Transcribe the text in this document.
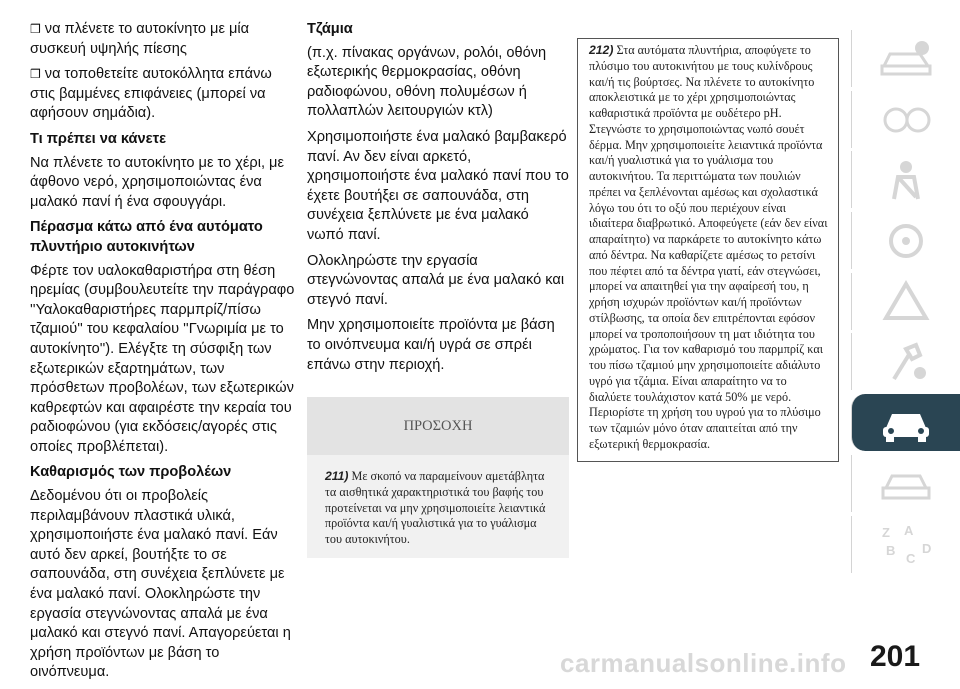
❒ να πλένετε το αυτοκίνητο με μία συσκευή υψηλής πίεσης

❒ να τοποθετείτε αυτοκόλλητα επάνω στις βαμμένες επιφάνειες (μπορεί να αφήσουν σημάδια).

Τι πρέπει να κάνετε

Να πλένετε το αυτοκίνητο με το χέρι, με άφθονο νερό, χρησιμοποιώντας ένα μαλακό πανί ή ένα σφουγγάρι.

Πέρασμα κάτω από ένα αυτόματο πλυντήριο αυτοκινήτων

Φέρτε τον υαλοκαθαριστήρα στη θέση ηρεμίας (συμβουλευτείτε την παράγραφο ''Υαλοκαθαριστήρες παρμπρίζ/πίσω τζαμιού'' του κεφαλαίου ''Γνωριμία με το αυτοκίνητο''). Ελέγξτε τη σύσφιξη των εξωτερικών εξαρτημάτων, των πρόσθετων προβολέων, των εξωτερικών καθρεφτών και αφαιρέστε την κεραία του ραδιοφώνου (για εκδόσεις/αγορές στις οποίες προβλέπεται).

Καθαρισμός των προβολέων

Δεδομένου ότι οι προβολείς περιλαμβάνουν πλαστικά υλικά, χρησιμοποιήστε ένα μαλακό πανί. Εάν αυτό δεν αρκεί, βουτήξτε το σε σαπουνάδα, στη συνέχεια ξεπλύνετε με ένα μαλακό πανί. Ολοκληρώστε την εργασία στεγνώνοντας απαλά με ένα μαλακό και στεγνό πανί. Απαγορεύεται η χρήση προϊόντων με βάση το οινόπνευμα.

Τζάμια

(π.χ. πίνακας οργάνων, ρολόι, οθόνη εξωτερικής θερμοκρασίας, οθόνη ραδιοφώνου, οθόνη πολυμέσων ή πολλαπλών λειτουργιών κτλ)

Χρησιμοποιήστε ένα μαλακό βαμβακερό πανί. Αν δεν είναι αρκετό, χρησιμοποιήστε ένα μαλακό πανί που το έχετε βουτήξει σε σαπουνάδα, στη συνέχεια ξεπλύνετε με ένα μαλακό νωπό πανί.

Ολοκληρώστε την εργασία στεγνώνοντας απαλά με ένα μαλακό και στεγνό πανί.

Μην χρησιμοποιείτε προϊόντα με βάση το οινόπνευμα και/ή υγρά σε σπρέι επάνω στην περιοχή.

ΠΡΟΣΟΧΗ
211) Με σκοπό να παραμείνουν αμετάβλητα τα αισθητικά χαρακτηριστικά του βαφής του προτείνεται να μην χρησιμοποιείτε λειαντικά προϊόντα και/ή γυαλιστικά για το γυάλισμα του αυτοκινήτου.
212) Στα αυτόματα πλυντήρια, αποφύγετε το πλύσιμο του αυτοκινήτου με τους κυλίνδρους και/ή τις βούρτσες. Να πλένετε το αυτοκίνητο αποκλειστικά με το χέρι χρησιμοποιώντας καθαριστικά προϊόντα με ουδέτερο pH. Στεγνώστε το χρησιμοποιώντας νωπό σουέτ δέρμα. Μην χρησιμοποιείτε λειαντικά προϊόντα και/ή γυαλιστικά για το γυάλισμα του αυτοκινήτου. Τα περιττώματα των πουλιών πρέπει να ξεπλένονται αμέσως και σχολαστικά λόγω του ότι το οξύ που περιέχουν είναι ιδιαίτερα διαβρωτικό. Αποφεύγετε (εάν δεν είναι απαραίτητο) να παρκάρετε το αυτοκίνητο κάτω από δέντρα. Να καθαρίζετε αμέσως το ρετσίνι που πέφτει από τα δέντρα γιατί, εάν στεγνώσει, μπορεί να απαιτηθεί για την αφαίρεσή του, η χρήση ισχυρών προϊόντων και/ή προϊόντων στίλβωσης, τα οποία δεν επιτρέπονται εφόσον μπορεί να τροποποιήσουν τη ματ ιδιότητα του χρώματος. Για τον καθαρισμό του παρμπρίζ και του πίσω τζαμιού μην χρησιμοποιείτε αδιάλυτο υγρό για τζάμια. Είναι απαραίτητο να το διαλύετε τουλάχιστον κατά 50% με νερό. Περιορίστε τη χρήση του υγρού για το πλύσιμο των τζαμιών μόνο όταν απαιτείται από την εξωτερική θερμοκρασία.
Z A
B
C
D
201
carmanualsonline.info
